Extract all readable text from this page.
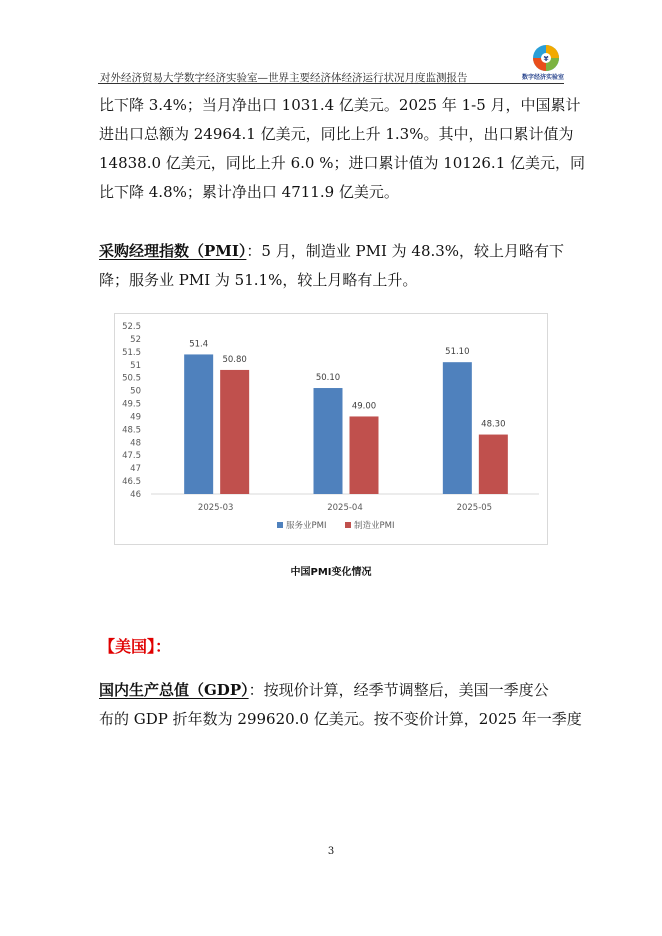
对外经济贸易大学数字经济实验室—世界主要经济体经济运行状况月度监测报告
¥
数字经济实验室
比下降 3.4%；当月净出口 1031.4 亿美元。2025 年 1-5 月，中国累计
进出口总额为 24964.1 亿美元，同比上升 1.3%。其中，出口累计值为
14838.0 亿美元，同比上升 6.0 %；进口累计值为 10126.1 亿美元，同
比下降 4.8%；累计净出口 4711.9 亿美元。
采购经理指数（PMI）：5 月，制造业 PMI 为 48.3%，较上月略有下
降；服务业 PMI 为 51.1%，较上月略有上升。
46
46.5
47
47.5
48
48.5
49
49.5
50
50.5
51
51.5
52
52.5
2025-03
51.4
50.80
2025-04
50.10
49.00
2025-05
51.10
48.30
服务业PMI	制造业PMI
中国PMI变化情况
【美国】：
国内生产总值（GDP）：按现价计算，经季节调整后，美国一季度公
布的 GDP 折年数为 299620.0 亿美元。按不变价计算，2025 年一季度
3
